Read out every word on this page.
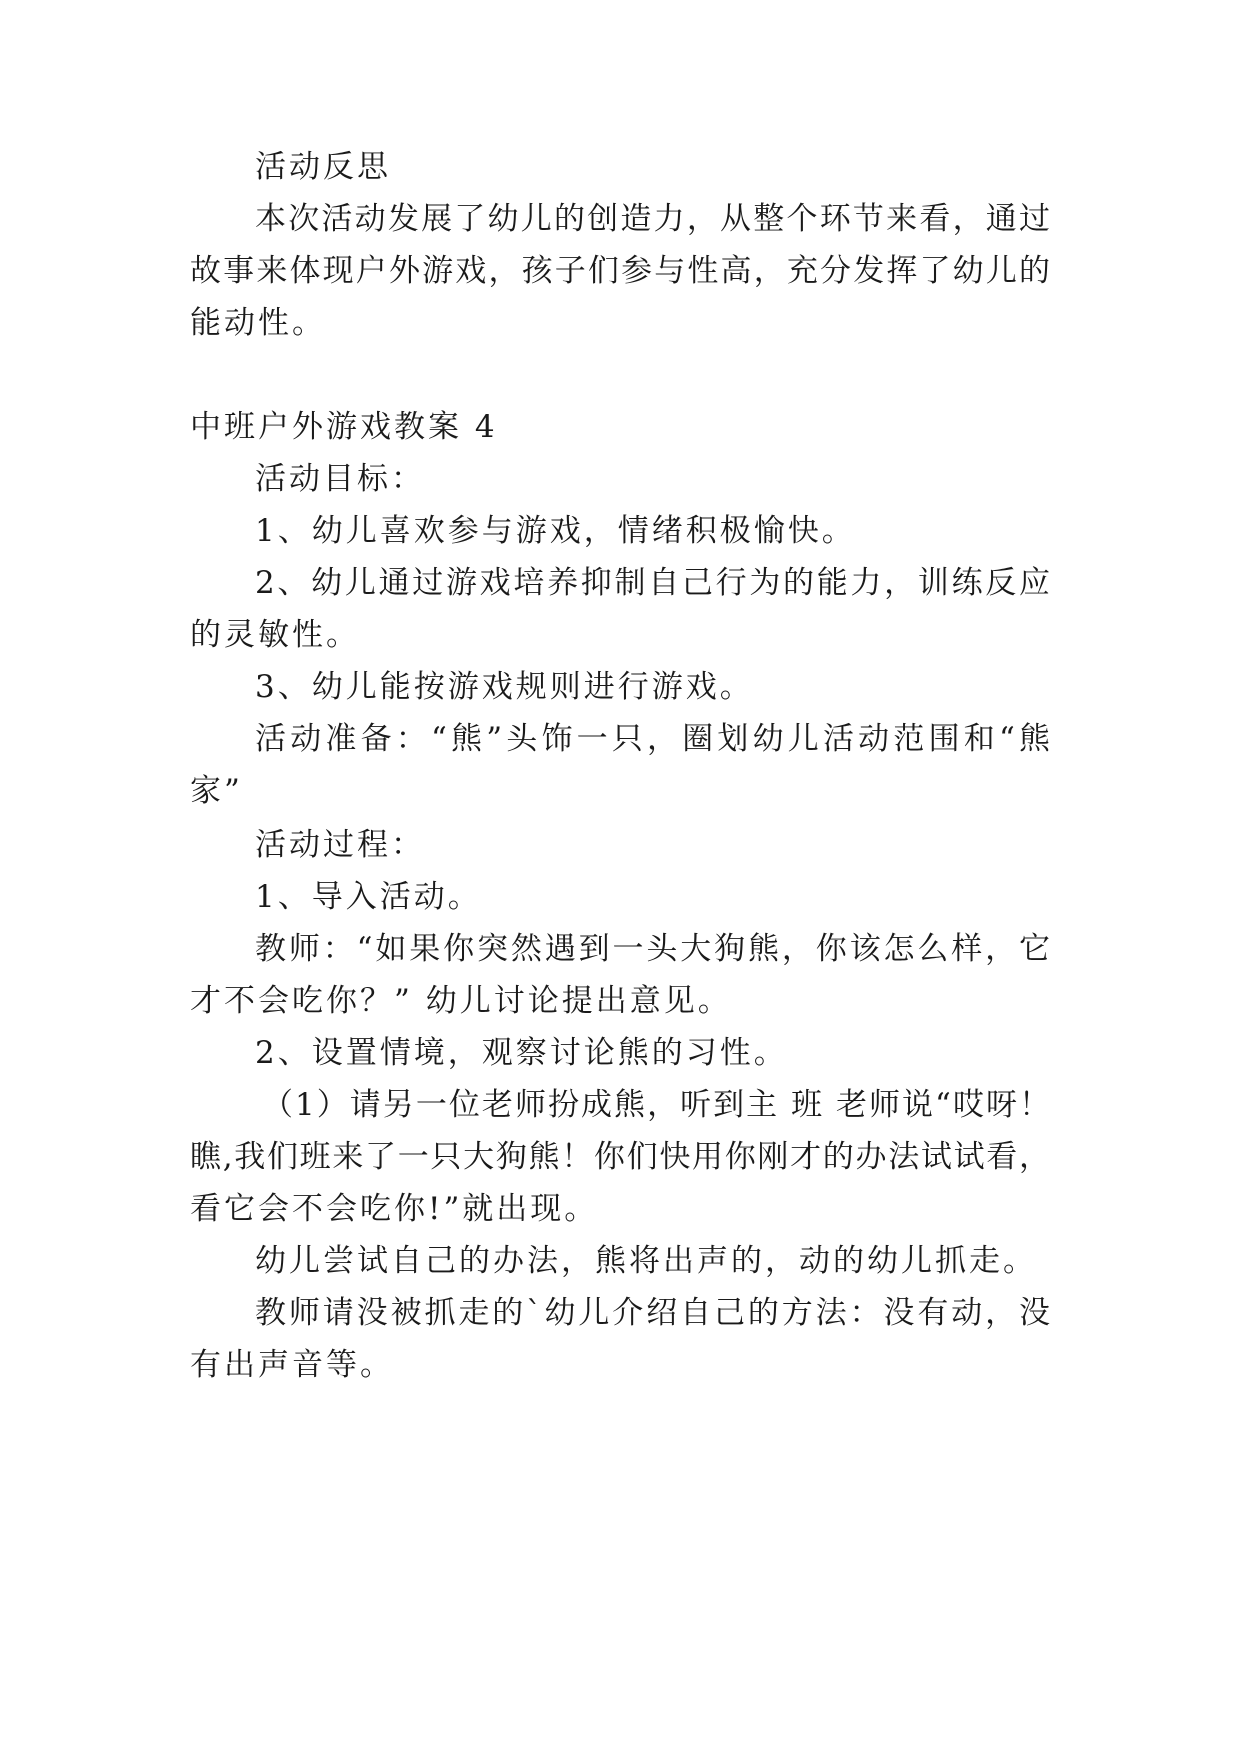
活动反思
本次活动发展了幼儿的创造力，从整个环节来看，通过
故事来体现户外游戏，孩子们参与性高，充分发挥了幼儿的
能动性。
中班户外游戏教案 4
活动目标：
1、幼儿喜欢参与游戏，情绪积极愉快。
2、幼儿通过游戏培养抑制自己行为的能力，训练反应
的灵敏性。
3、幼儿能按游戏规则进行游戏。
活动准备：“熊”头饰一只，圈划幼儿活动范围和“熊
家”
活动过程：
1、导入活动。
教师：“如果你突然遇到一头大狗熊，你该怎么样，它
才不会吃你？” 幼儿讨论提出意见。
2、设置情境，观察讨论熊的习性。
（1）请另一位老师扮成熊，听到主 班 老师说“哎呀！
瞧,我们班来了一只大狗熊！你们快用你刚才的办法试试看，
看它会不会吃你!”就出现。
幼儿尝试自己的办法，熊将出声的，动的幼儿抓走。
教师请没被抓走的`幼儿介绍自己的方法：没有动，没
有出声音等。
